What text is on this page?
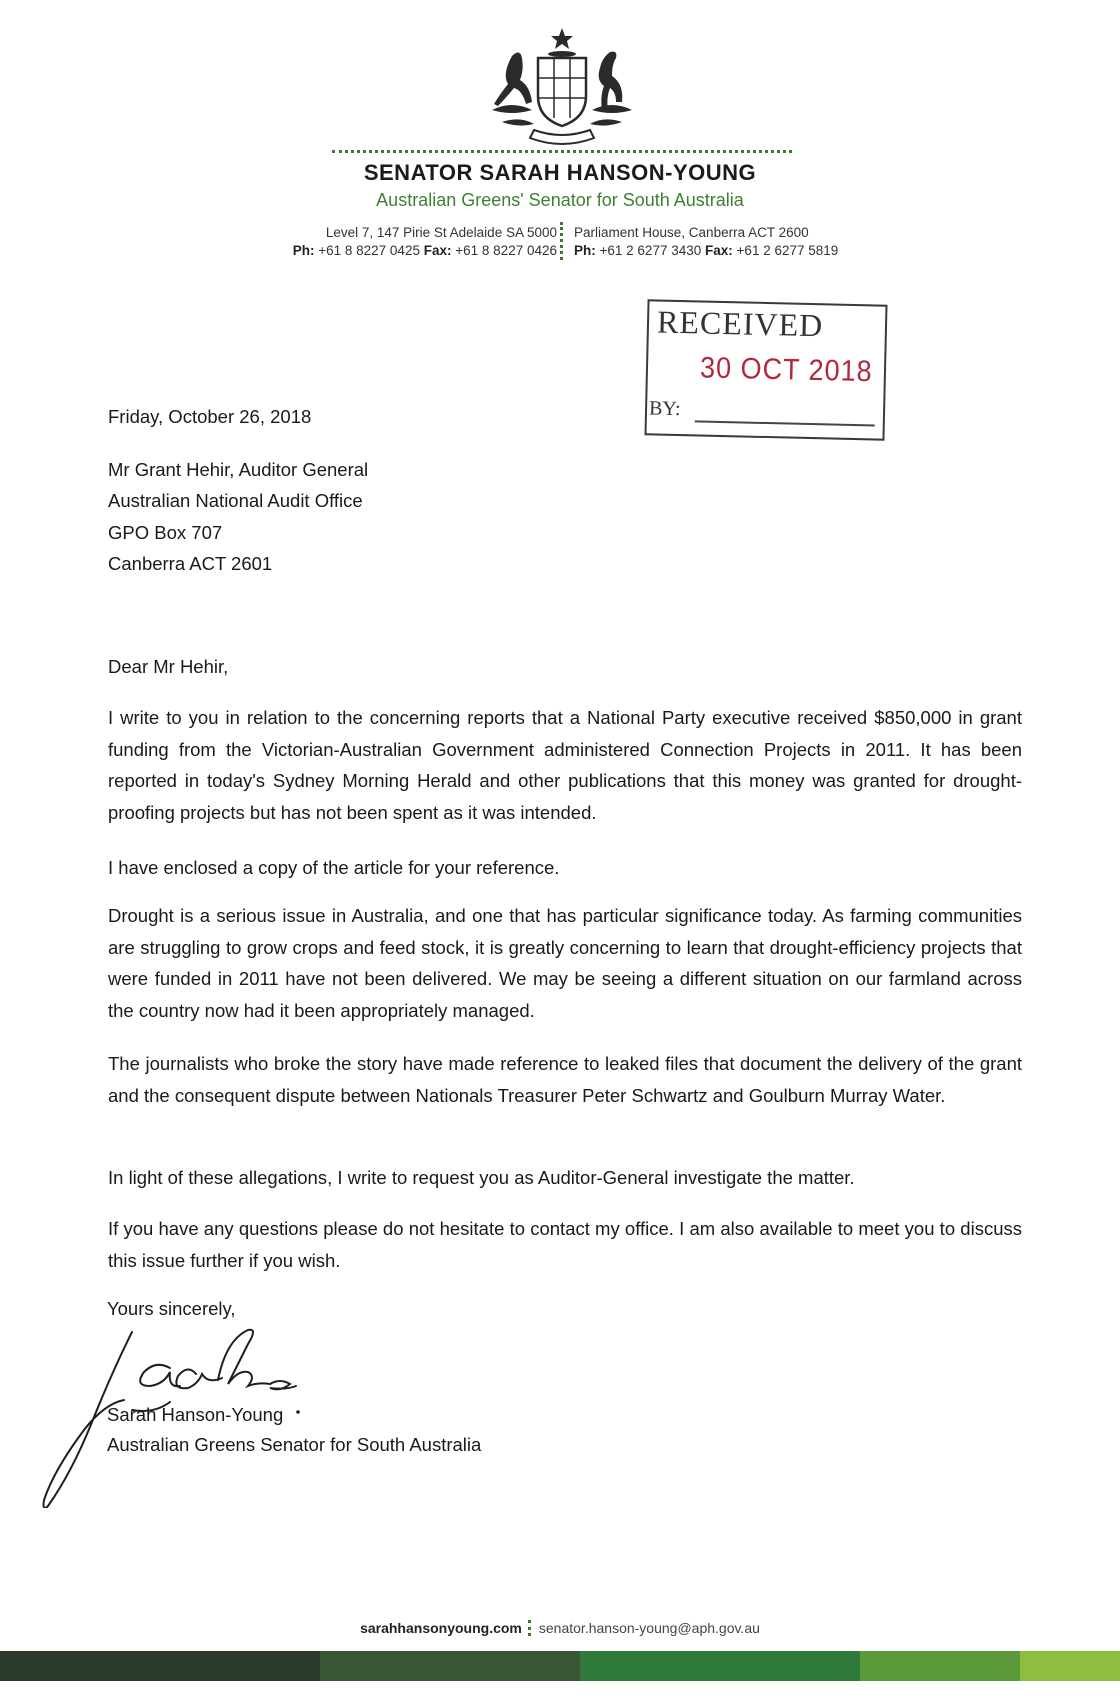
SENATOR SARAH HANSON-YOUNG
Australian Greens' Senator for South Australia
Level 7, 147 Pirie St Adelaide SA 5000
Ph: +61 8 8227 0425 Fax: +61 8 8227 0426
Parliament House, Canberra ACT 2600
Ph: +61 2 6277 3430 Fax: +61 2 6277 5819
RECEIVED
30 OCT 2018
BY:
Friday, October 26, 2018
Mr Grant Hehir, Auditor General
Australian National Audit Office
GPO Box 707
Canberra ACT 2601
Dear Mr Hehir,
I write to you in relation to the concerning reports that a National Party executive received $850,000 in grant funding from the Victorian-Australian Government administered Connection Projects in 2011. It has been reported in today's Sydney Morning Herald and other publications that this money was granted for drought-proofing projects but has not been spent as it was intended.
I have enclosed a copy of the article for your reference.
Drought is a serious issue in Australia, and one that has particular significance today. As farming communities are struggling to grow crops and feed stock, it is greatly concerning to learn that drought-efficiency projects that were funded in 2011 have not been delivered. We may be seeing a different situation on our farmland across the country now had it been appropriately managed.
The journalists who broke the story have made reference to leaked files that document the delivery of the grant and the consequent dispute between Nationals Treasurer Peter Schwartz and Goulburn Murray Water.
In light of these allegations, I write to request you as Auditor-General investigate the matter.
If you have any questions please do not hesitate to contact my office. I am also available to meet you to discuss this issue further if you wish.
Yours sincerely,
Sarah Hanson-Young
Australian Greens Senator for South Australia
sarahhansonyoung.com senator.hanson-young@aph.gov.au
